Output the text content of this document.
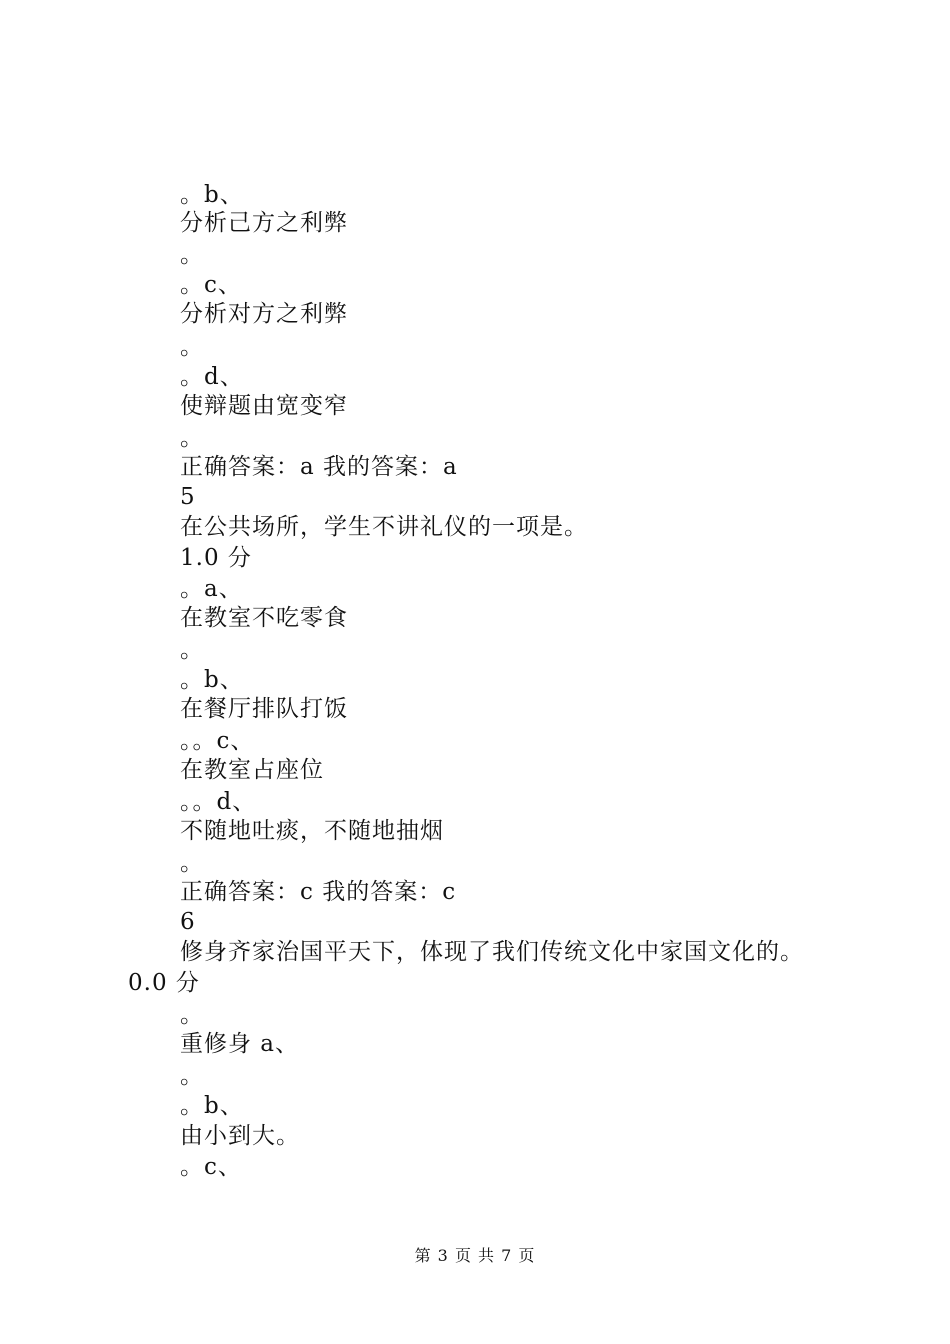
。b、
分析己方之利弊
。
。c、
分析对方之利弊
。
。d、
使辩题由宽变窄
。
正确答案：a 我的答案：a
5
在公共场所，学生不讲礼仪的一项是。
1.0 分
。a、
在教室不吃零食
。
。b、
在餐厅排队打饭
。。c、
在教室占座位
。。d、
不随地吐痰，不随地抽烟
。
正确答案：c 我的答案：c
6
修身齐家治国平天下，体现了我们传统文化中家国文化的。
0.0 分
。
重修身 a、
。
。b、
由小到大。
。c、
第 3 页 共 7 页
